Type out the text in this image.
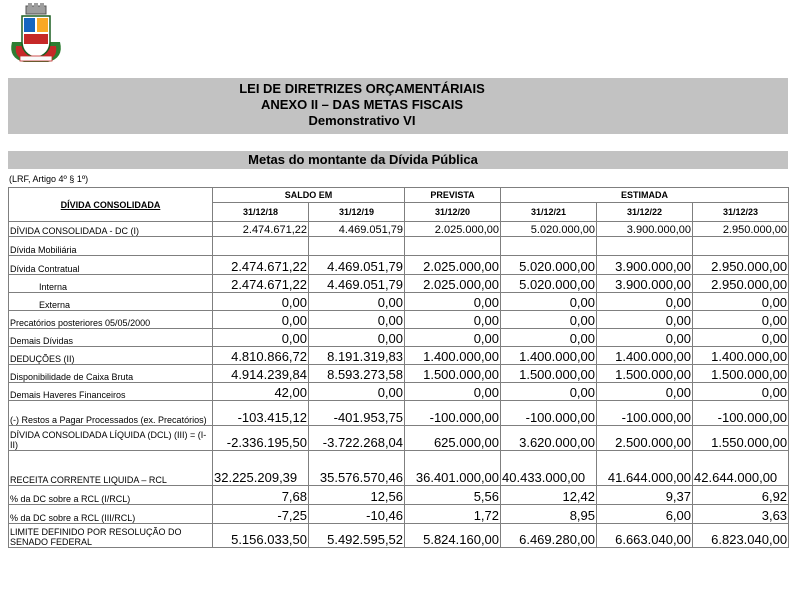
LEI DE DIRETRIZES ORÇAMENTÁRIAIS
ANEXO II – DAS METAS FISCAIS
Demonstrativo VI
Metas do montante da Dívida Pública
(LRF, Artigo 4º § 1º)
DÍVIDA CONSOLIDADA	SALDO EM		PREVISTA	ESTIMADA		
	31/12/18	31/12/19	31/12/20	31/12/21	31/12/22	31/12/23
DÍVIDA CONSOLIDADA - DC (I)	2.474.671,22	4.469.051,79	2.025.000,00	5.020.000,00	3.900.000,00	2.950.000,00
Dívida Mobiliária						
Dívida Contratual	2.474.671,22	4.469.051,79	2.025.000,00	5.020.000,00	3.900.000,00	2.950.000,00
Interna	2.474.671,22	4.469.051,79	2.025.000,00	5.020.000,00	3.900.000,00	2.950.000,00
Externa	0,00	0,00	0,00	0,00	0,00	0,00
Precatórios posteriores 05/05/2000	0,00	0,00	0,00	0,00	0,00	0,00
Demais Dívidas	0,00	0,00	0,00	0,00	0,00	0,00
DEDUÇÕES (II)	4.810.866,72	8.191.319,83	1.400.000,00	1.400.000,00	1.400.000,00	1.400.000,00
Disponibilidade de Caixa Bruta	4.914.239,84	8.593.273,58	1.500.000,00	1.500.000,00	1.500.000,00	1.500.000,00
Demais Haveres Financeiros	42,00	0,00	0,00	0,00	0,00	0,00
(-) Restos a Pagar Processados (ex. Precatórios)	-103.415,12	-401.953,75	-100.000,00	-100.000,00	-100.000,00	-100.000,00
DÍVIDA CONSOLIDADA LÍQUIDA (DCL) (III) = (I-II)	-2.336.195,50	-3.722.268,04	625.000,00	3.620.000,00	2.500.000,00	1.550.000,00
RECEITA CORRENTE LIQUIDA – RCL	32.225.209,39	35.576.570,46	36.401.000,00	40.433.000,00	41.644.000,00	42.644.000,00
% da DC sobre a RCL (I/RCL)	7,68	12,56	5,56	12,42	9,37	6,92
% da DC sobre a RCL (III/RCL)	-7,25	-10,46	1,72	8,95	6,00	3,63
LIMITE DEFINIDO POR RESOLUÇÃO DO SENADO FEDERAL	5.156.033,50	5.492.595,52	5.824.160,00	6.469.280,00	6.663.040,00	6.823.040,00
